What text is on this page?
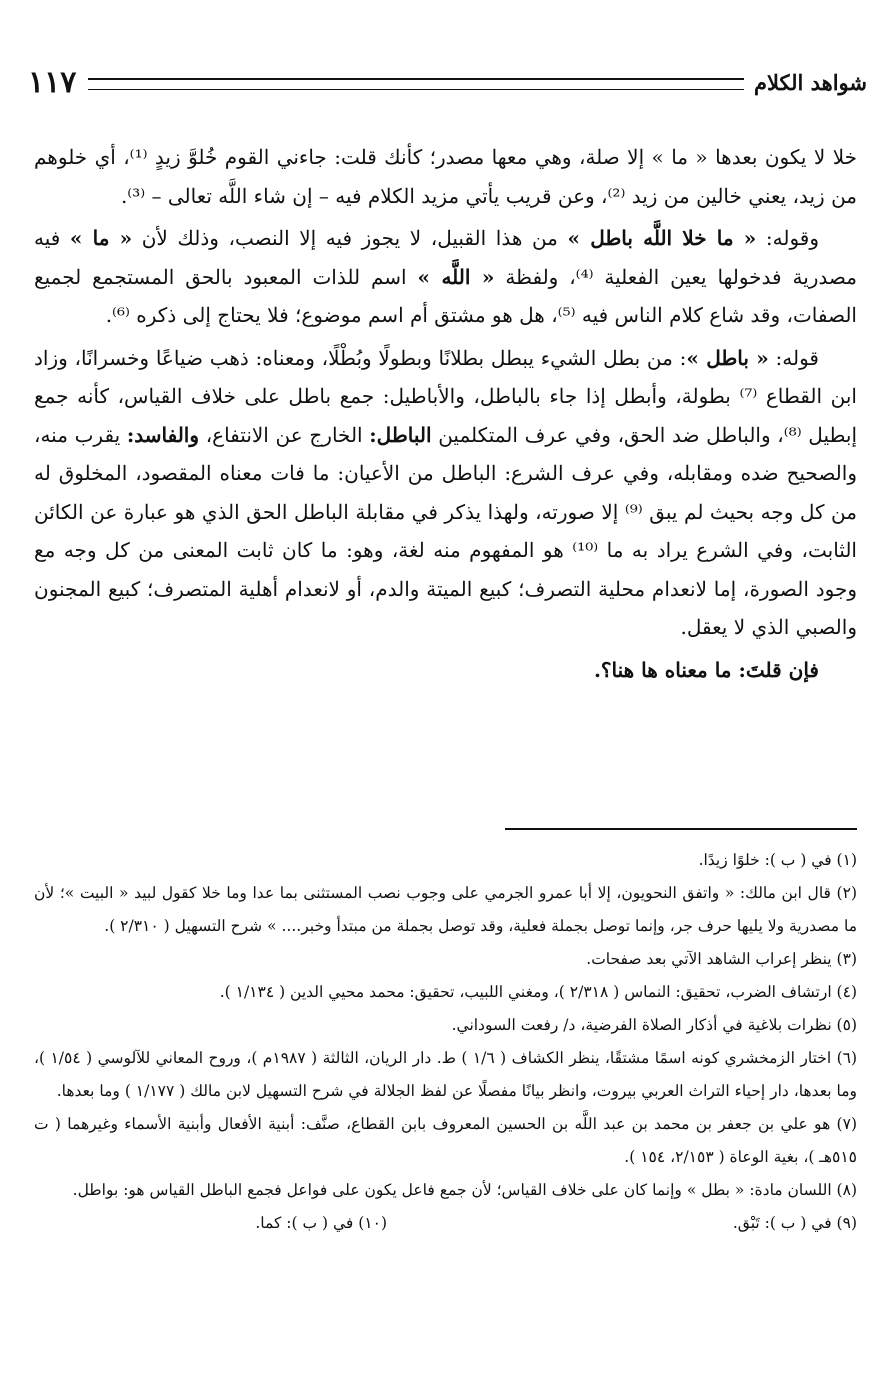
شواهد الكلام
١١٧

خلا لا يكون بعدها « ما » إلا صلة، وهي معها مصدر؛ كأنك قلت: جاءني القوم خُلوَّ زيدٍ ⁽¹⁾، أي خلوهم من زيد، يعني خالين من زيد ⁽²⁾، وعن قريب يأتي مزيد الكلام فيه – إن شاء اللَّه تعالى – ⁽³⁾.

وقوله: « ما خلا اللَّه باطل » من هذا القبيل، لا يجوز فيه إلا النصب، وذلك لأن « ما » فيه مصدرية فدخولها يعين الفعلية ⁽⁴⁾، ولفظة « اللَّه » اسم للذات المعبود بالحق المستجمع لجميع الصفات، وقد شاع كلام الناس فيه ⁽⁵⁾، هل هو مشتق أم اسم موضوع؛ فلا يحتاج إلى ذكره ⁽⁶⁾.

قوله: « باطل »: من بطل الشيء يبطل بطلانًا وبطولًا وبُطْلًا، ومعناه: ذهب ضياعًا وخسرانًا، وزاد ابن القطاع ⁽⁷⁾ بطولة، وأبطل إذا جاء بالباطل، والأباطيل: جمع باطل على خلاف القياس، كأنه جمع إبطيل ⁽⁸⁾، والباطل ضد الحق، وفي عرف المتكلمين الباطل: الخارج عن الانتفاع، والفاسد: يقرب منه، والصحيح ضده ومقابله، وفي عرف الشرع: الباطل من الأعيان: ما فات معناه المقصود، المخلوق له من كل وجه بحيث لم يبق ⁽⁹⁾ إلا صورته، ولهذا يذكر في مقابلة الباطل الحق الذي هو عبارة عن الكائن الثابت، وفي الشرع يراد به ما ⁽¹⁰⁾ هو المفهوم منه لغة، وهو: ما كان ثابت المعنى من كل وجه مع وجود الصورة، إما لانعدام محلية التصرف؛ كبيع الميتة والدم، أو لانعدام أهلية المتصرف؛ كبيع المجنون والصبي الذي لا يعقل.

فإن قلتَ: ما معناه ها هنا؟.

(١) في ( ب ): خلوًا زيدًا.

(٢) قال ابن مالك: « واتفق النحويون، إلا أبا عمرو الجرمي على وجوب نصب المستثنى بما عدا وما خلا كقول لبيد « البيت »؛ لأن ما مصدرية ولا يليها حرف جر، وإنما توصل بجملة فعلية، وقد توصل بجملة من مبتدأ وخبر.... » شرح التسهيل ( ٢/٣١٠ ).

(٣) ينظر إعراب الشاهد الآتي بعد صفحات.

(٤) ارتشاف الضرب، تحقيق: النماس ( ٢/٣١٨ )، ومغني اللبيب، تحقيق: محمد محيي الدين ( ١/١٣٤ ).

(٥) نظرات بلاغية في أذكار الصلاة الفرضية، د/ رفعت السوداني.

(٦) اختار الزمخشري كونه اسمًا مشتقًا، ينظر الكشاف ( ١/٦ ) ط. دار الريان، الثالثة ( ١٩٨٧م )، وروح المعاني للآلوسي ( ١/٥٤ )، وما بعدها، دار إحياء التراث العربي بيروت، وانظر بيانًا مفصلًا عن لفظ الجلالة في شرح التسهيل لابن مالك ( ١/١٧٧ ) وما بعدها.

(٧) هو علي بن جعفر بن محمد بن عبد اللَّه بن الحسين المعروف بابن القطاع، صنَّف: أبنية الأفعال وأبنية الأسماء وغيرهما ( ت ٥١٥هـ )، بغية الوعاة ( ٢/١٥٣، ١٥٤ ).

(٨) اللسان مادة: « بطل » وإنما كان على خلاف القياس؛ لأن جمع فاعل يكون على فواعل فجمع الباطل القياس هو: بواطل.

(٩) في ( ب ): تَبْق.
(١٠) في ( ب ): كما.
